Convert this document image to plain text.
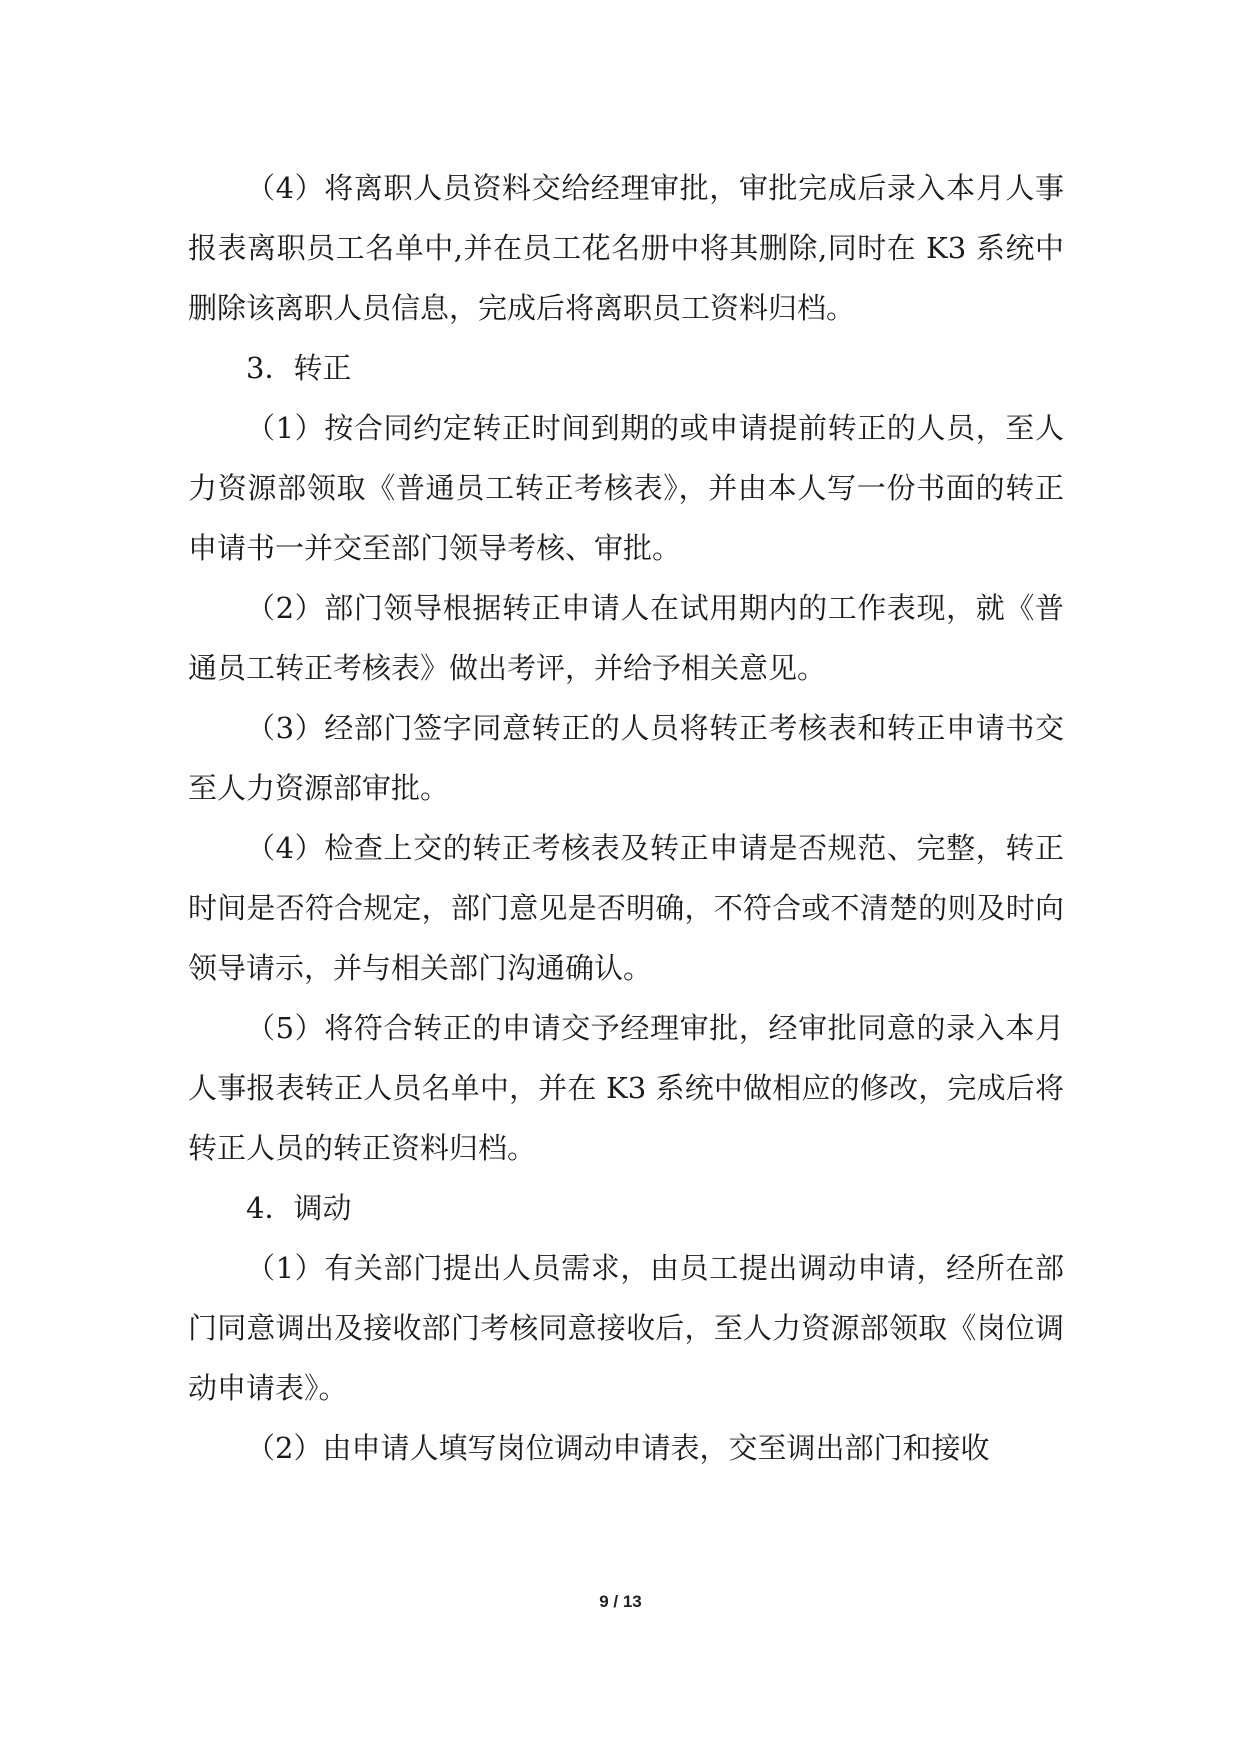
（4）将离职人员资料交给经理审批，审批完成后录入本月人事报表离职员工名单中,并在员工花名册中将其删除,同时在 K3 系统中删除该离职人员信息，完成后将离职员工资料归档。

3．转正

（1）按合同约定转正时间到期的或申请提前转正的人员，至人力资源部领取《普通员工转正考核表》，并由本人写一份书面的转正申请书一并交至部门领导考核、审批。

（2）部门领导根据转正申请人在试用期内的工作表现，就《普通员工转正考核表》做出考评，并给予相关意见。

（3）经部门签字同意转正的人员将转正考核表和转正申请书交至人力资源部审批。

（4）检查上交的转正考核表及转正申请是否规范、完整，转正时间是否符合规定，部门意见是否明确，不符合或不清楚的则及时向领导请示，并与相关部门沟通确认。

（5）将符合转正的申请交予经理审批，经审批同意的录入本月人事报表转正人员名单中，并在 K3 系统中做相应的修改，完成后将转正人员的转正资料归档。

4．调动

（1）有关部门提出人员需求，由员工提出调动申请，经所在部门同意调出及接收部门考核同意接收后，至人力资源部领取《岗位调动申请表》。

（2）由申请人填写岗位调动申请表，交至调出部门和接收

9 / 13
